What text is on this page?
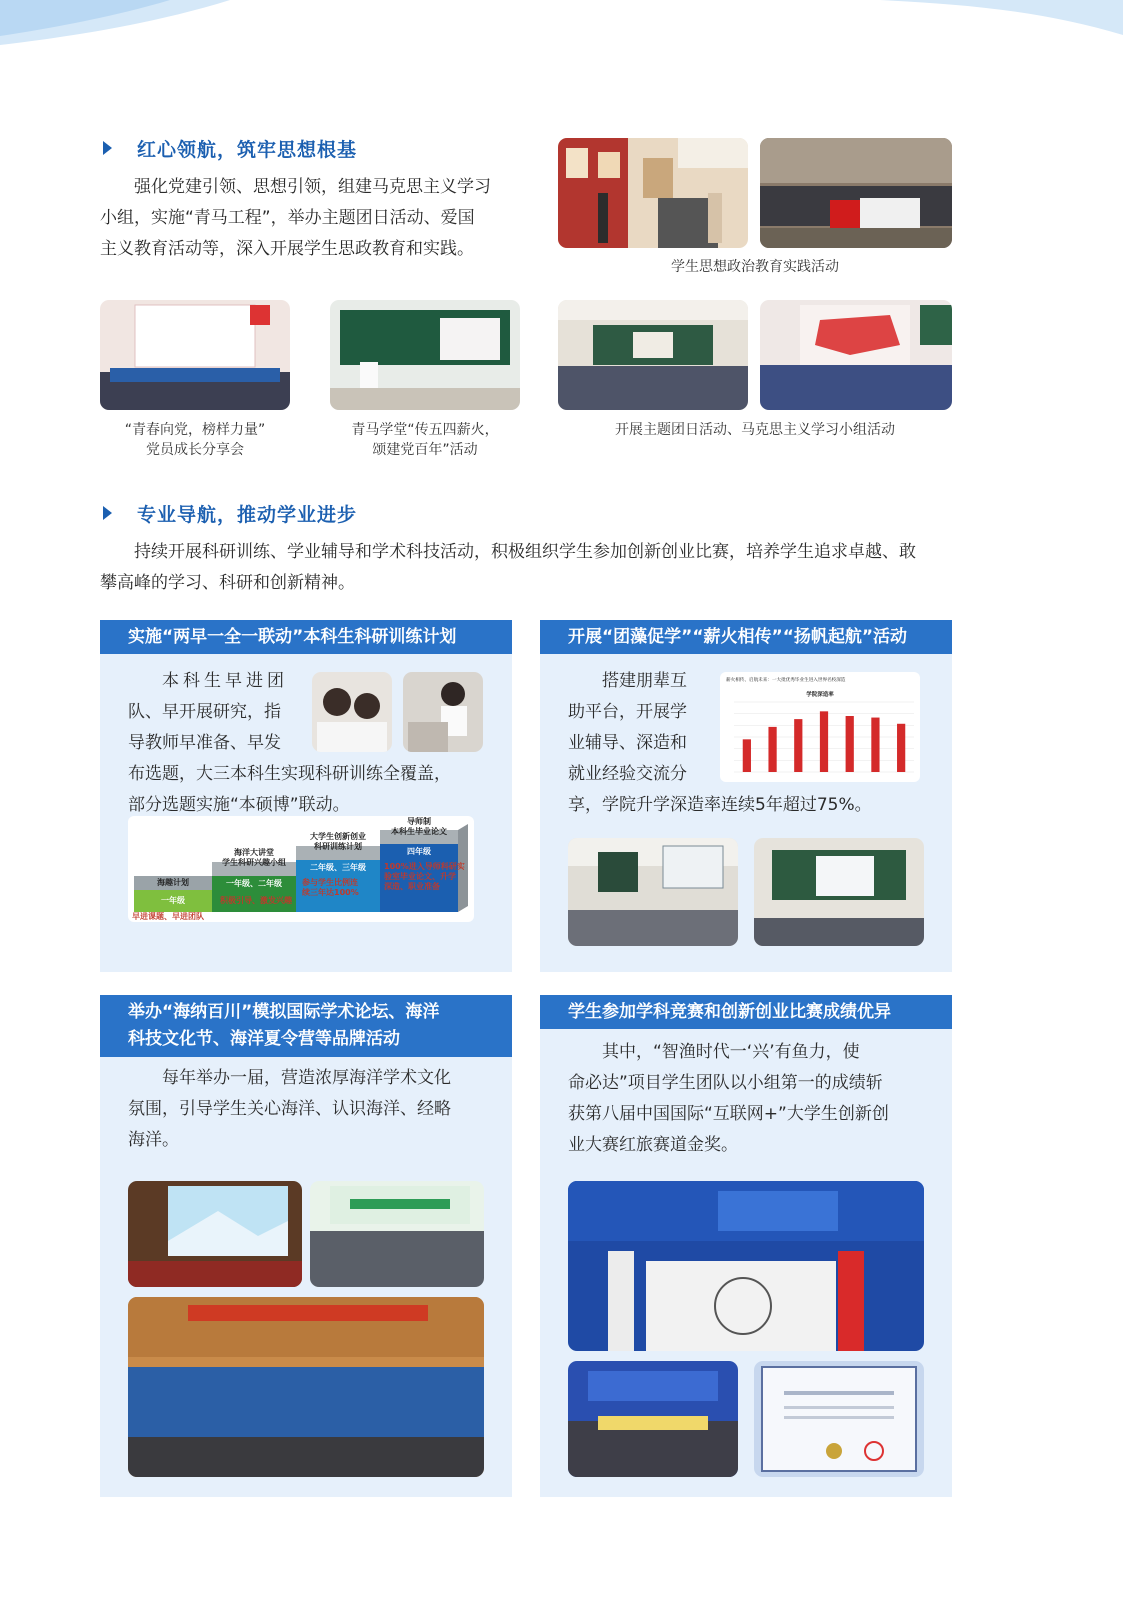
红心领航，筑牢思想根基
强化党建引领、思想引领，组建马克思主义学习
小组，实施“青马工程”，举办主题团日活动、爱国
主义教育活动等，深入开展学生思政教育和实践。
学生思想政治教育实践活动
“青春向党，榜样力量”
党员成长分享会
青马学堂“传五四薪火，
颂建党百年”活动
开展主题团日活动、马克思主义学习小组活动
专业导航，推动学业进步
持续开展科研训练、学业辅导和学术科技活动，积极组织学生参加创新创业比赛，培养学生追求卓越、敢
攀高峰的学习、科研和创新精神。
实施“两早一全一联动”本科生科研训练计划
本科生早进团
队、早开展研究，指
导教师早准备、早发
布选题，大三本科生实现科研训练全覆盖，
部分选题实施“本硕博”联动。
海趣计划
一年级
早进课题、早进团队
海洋大讲堂
学生科研兴趣小组
一年级、二年级
积极引导、激发兴趣
大学生创新创业
科研训练计划
二年级、三年级
参与学生比例连
续三年达100%
导师制
本科生毕业论文
四年级
100%进入导师科研实
验室毕业论文、升学
深造、职业准备
开展“团藻促学”“薪火相传”“扬帆起航”活动
搭建朋辈互
助平台，开展学
业辅导、深造和
就业经验交流分
享，学院升学深造率连续5年超过75%。
薪火相传、启航未来：一大批优秀毕业生进入世界名校深造
学院深造率
举办“海纳百川”模拟国际学术论坛、海洋
科技文化节、海洋夏令营等品牌活动
每年举办一届，营造浓厚海洋学术文化
氛围，引导学生关心海洋、认识海洋、经略
海洋。
学生参加学科竞赛和创新创业比赛成绩优异
其中，“智渔时代一‘兴’有鱼力，使
命必达”项目学生团队以小组第一的成绩斩
获第八届中国国际“互联网+”大学生创新创
业大赛红旅赛道金奖。
